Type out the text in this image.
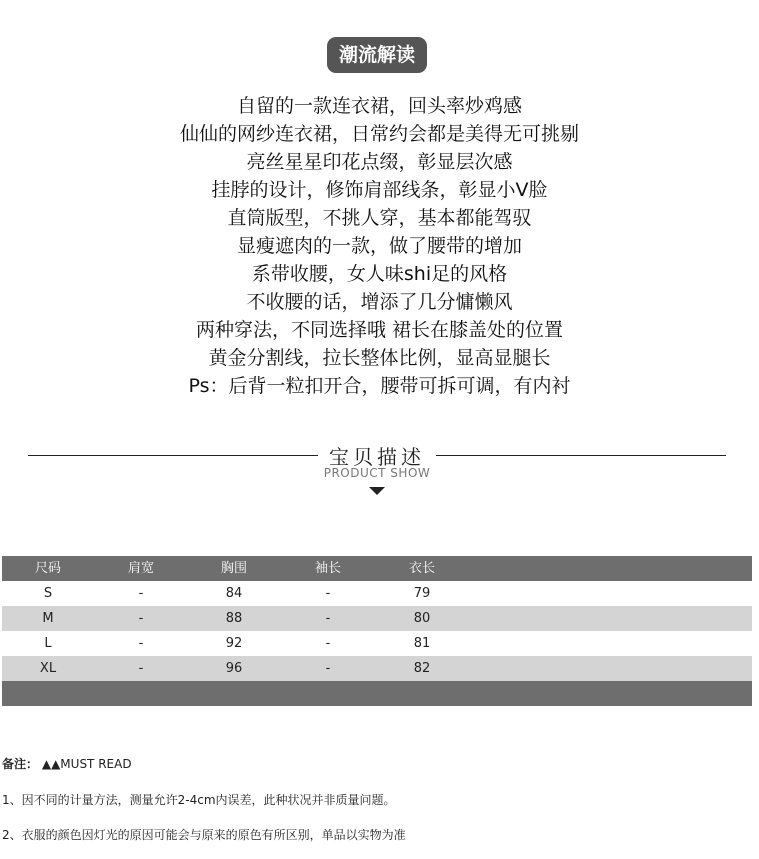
潮流解读
自留的一款连衣裙，回头率炒鸡感
仙仙的网纱连衣裙，日常约会都是美得无可挑剔
亮丝星星印花点缀，彰显层次感
挂脖的设计，修饰肩部线条，彰显小V脸
直筒版型，不挑人穿，基本都能驾驭
显瘦遮肉的一款，做了腰带的增加
系带收腰，女人味shi足的风格
不收腰的话，增添了几分慵懒风
两种穿法，不同选择哦 裙长在膝盖处的位置
黄金分割线，拉长整体比例，显高显腿长
Ps：后背一粒扣开合，腰带可拆可调，有内衬
宝贝描述
PRODUCT SHOW
尺码	肩宽	胸围	袖长	衣长
S	-	84	-	79
M	-	88	-	80
L	-	92	-	81
XL	-	96	-	82
备注： ▲▲MUST READ
1、因不同的计量方法，测量允许2-4cm内误差，此种状况并非质量问题。
2、衣服的颜色因灯光的原因可能会与原来的原色有所区别，单品以实物为准
